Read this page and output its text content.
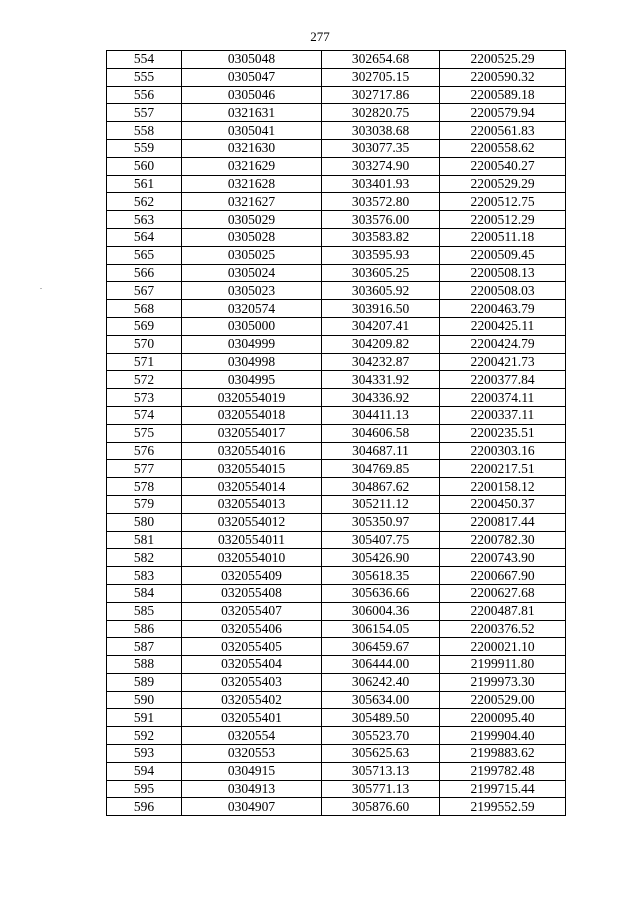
277
554	0305048	302654.68	2200525.29
555	0305047	302705.15	2200590.32
556	0305046	302717.86	2200589.18
557	0321631	302820.75	2200579.94
558	0305041	303038.68	2200561.83
559	0321630	303077.35	2200558.62
560	0321629	303274.90	2200540.27
561	0321628	303401.93	2200529.29
562	0321627	303572.80	2200512.75
563	0305029	303576.00	2200512.29
564	0305028	303583.82	2200511.18
565	0305025	303595.93	2200509.45
566	0305024	303605.25	2200508.13
567	0305023	303605.92	2200508.03
568	0320574	303916.50	2200463.79
569	0305000	304207.41	2200425.11
570	0304999	304209.82	2200424.79
571	0304998	304232.87	2200421.73
572	0304995	304331.92	2200377.84
573	0320554019	304336.92	2200374.11
574	0320554018	304411.13	2200337.11
575	0320554017	304606.58	2200235.51
576	0320554016	304687.11	2200303.16
577	0320554015	304769.85	2200217.51
578	0320554014	304867.62	2200158.12
579	0320554013	305211.12	2200450.37
580	0320554012	305350.97	2200817.44
581	0320554011	305407.75	2200782.30
582	0320554010	305426.90	2200743.90
583	032055409	305618.35	2200667.90
584	032055408	305636.66	2200627.68
585	032055407	306004.36	2200487.81
586	032055406	306154.05	2200376.52
587	032055405	306459.67	2200021.10
588	032055404	306444.00	2199911.80
589	032055403	306242.40	2199973.30
590	032055402	305634.00	2200529.00
591	032055401	305489.50	2200095.40
592	0320554	305523.70	2199904.40
593	0320553	305625.63	2199883.62
594	0304915	305713.13	2199782.48
595	0304913	305771.13	2199715.44
596	0304907	305876.60	2199552.59
